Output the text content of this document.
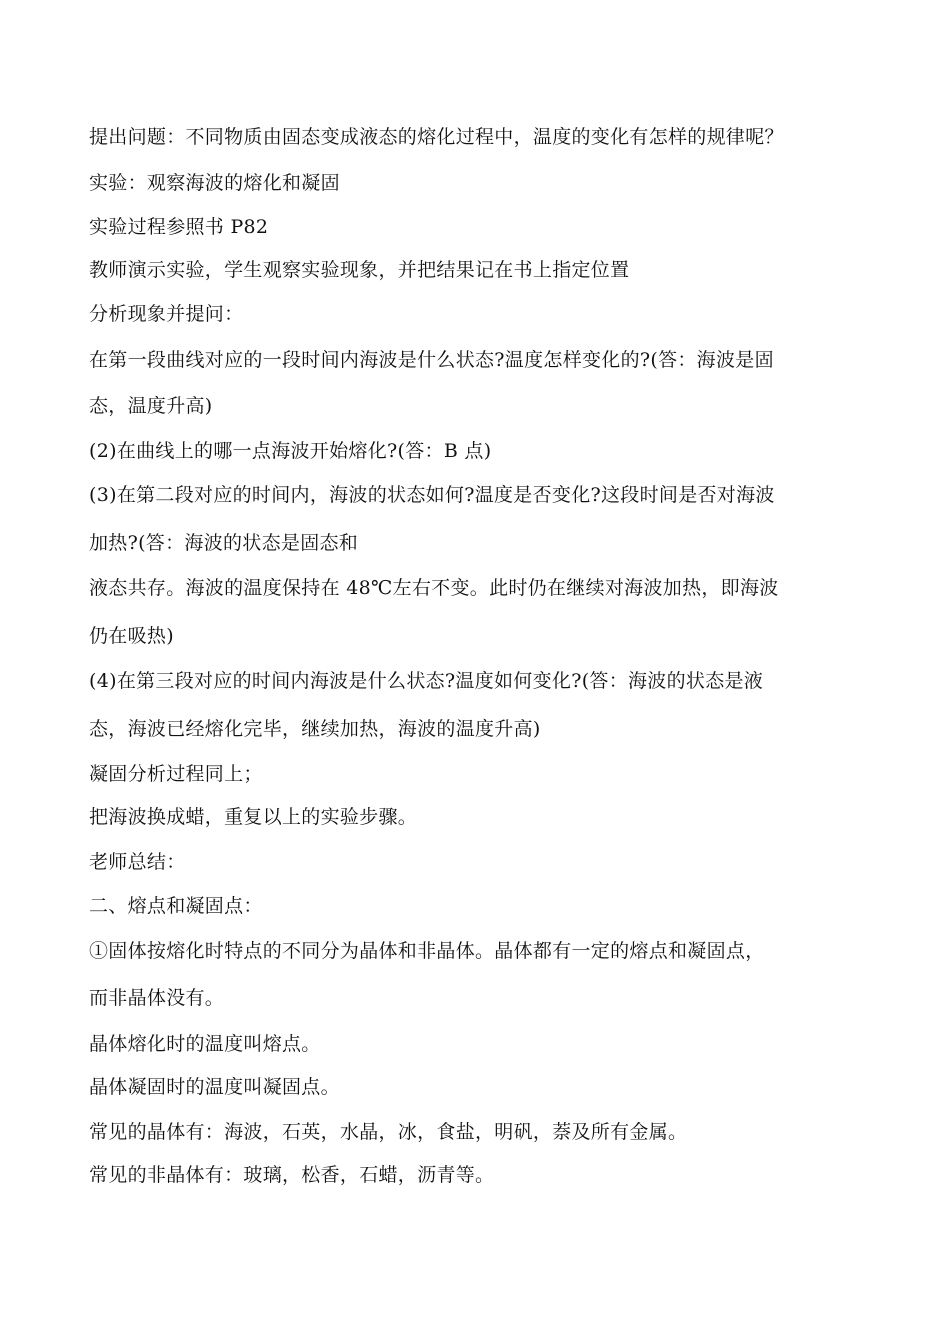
提出问题：不同物质由固态变成液态的熔化过程中，温度的变化有怎样的规律呢？
实验：观察海波的熔化和凝固
实验过程参照书 P82
教师演示实验，学生观察实验现象，并把结果记在书上指定位置
分析现象并提问：
在第一段曲线对应的一段时间内海波是什么状态?温度怎样变化的?(答：海波是固
态，温度升高)
(2)在曲线上的哪一点海波开始熔化?(答：B 点)
(3)在第二段对应的时间内，海波的状态如何?温度是否变化?这段时间是否对海波
加热?(答：海波的状态是固态和
液态共存。海波的温度保持在 48℃左右不变。此时仍在继续对海波加热，即海波
仍在吸热)
(4)在第三段对应的时间内海波是什么状态?温度如何变化?(答：海波的状态是液
态，海波已经熔化完毕，继续加热，海波的温度升高)
凝固分析过程同上；
把海波换成蜡，重复以上的实验步骤。
老师总结：
二、熔点和凝固点：
①固体按熔化时特点的不同分为晶体和非晶体。晶体都有一定的熔点和凝固点，
而非晶体没有。
晶体熔化时的温度叫熔点。
晶体凝固时的温度叫凝固点。
常见的晶体有：海波，石英，水晶，冰，食盐，明矾，萘及所有金属。
常见的非晶体有：玻璃，松香，石蜡，沥青等。
